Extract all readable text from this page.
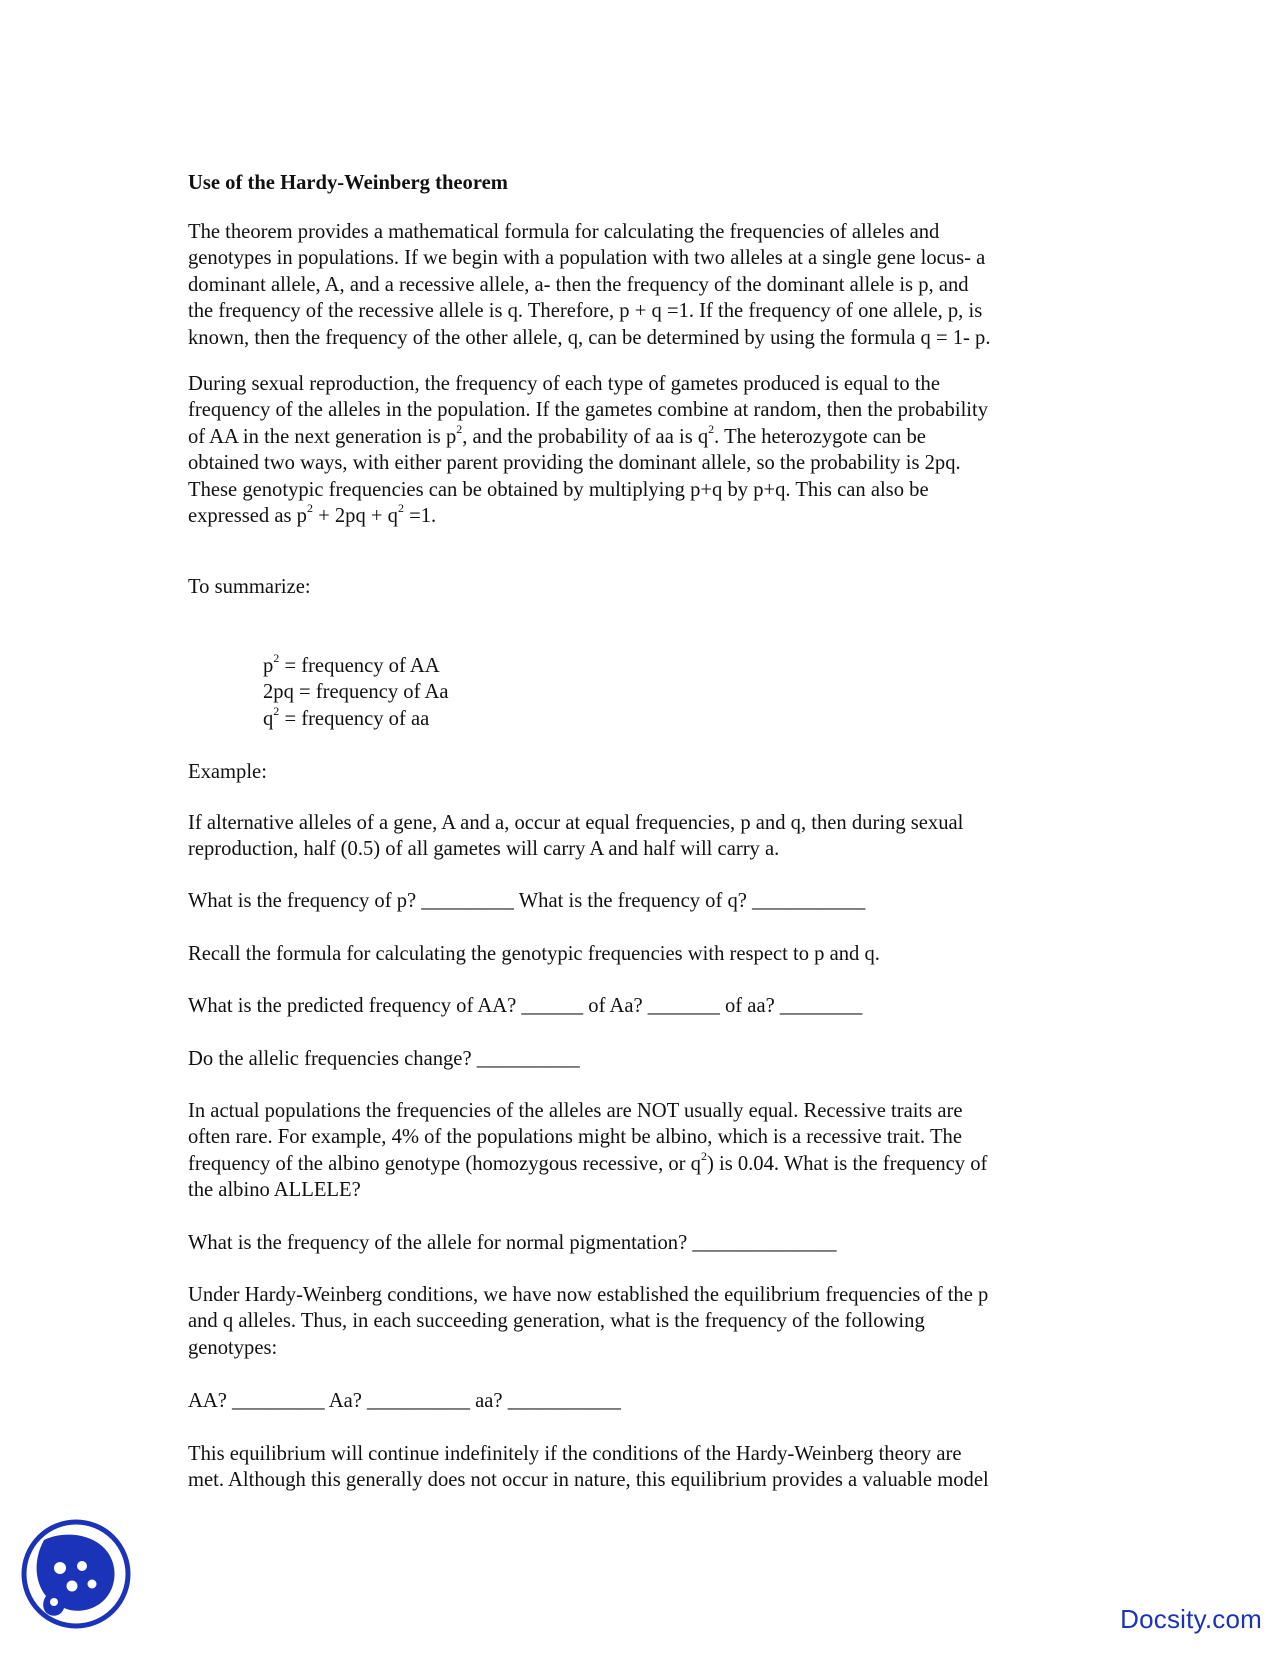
Use of the Hardy-Weinberg theorem
The theorem provides a mathematical formula for calculating the frequencies of alleles and
genotypes in populations. If we begin with a population with two alleles at a single gene locus- a
dominant allele, A, and a recessive allele, a- then the frequency of the dominant allele is p, and
the frequency of the recessive allele is q. Therefore, p + q =1. If the frequency of one allele, p, is
known, then the frequency of the other allele, q, can be determined by using the formula q = 1- p.
During sexual reproduction, the frequency of each type of gametes produced is equal to the
frequency of the alleles in the population. If the gametes combine at random, then the probability
of AA in the next generation is $p^2$, and the probability of aa is $q^2$. The heterozygote can be
obtained two ways, with either parent providing the dominant allele, so the probability is 2pq.
These genotypic frequencies can be obtained by multiplying p+q by p+q. This can also be
expressed as $p^2 + 2pq + q^2 =1$.
To summarize:
$p^2$ = frequency of AA
2pq = frequency of Aa
$q^2$ = frequency of aa
Example:
If alternative alleles of a gene, A and a, occur at equal frequencies, p and q, then during sexual
reproduction, half (0.5) of all gametes will carry A and half will carry a.
What is the frequency of p? _________ What is the frequency of q? ___________
Recall the formula for calculating the genotypic frequencies with respect to p and q.
What is the predicted frequency of AA? ______ of Aa? _______ of aa? ________
Do the allelic frequencies change? __________
In actual populations the frequencies of the alleles are NOT usually equal. Recessive traits are
often rare. For example, 4% of the populations might be albino, which is a recessive trait. The
frequency of the albino genotype (homozygous recessive, or $q^2$) is 0.04. What is the frequency of
the albino ALLELE?
What is the frequency of the allele for normal pigmentation? ______________
Under Hardy-Weinberg conditions, we have now established the equilibrium frequencies of the p
and q alleles. Thus, in each succeeding generation, what is the frequency of the following
genotypes:
AA? _________ Aa? __________ aa? ___________
This equilibrium will continue indefinitely if the conditions of the Hardy-Weinberg theory are
met. Although this generally does not occur in nature, this equilibrium provides a valuable model
Docsity.com
